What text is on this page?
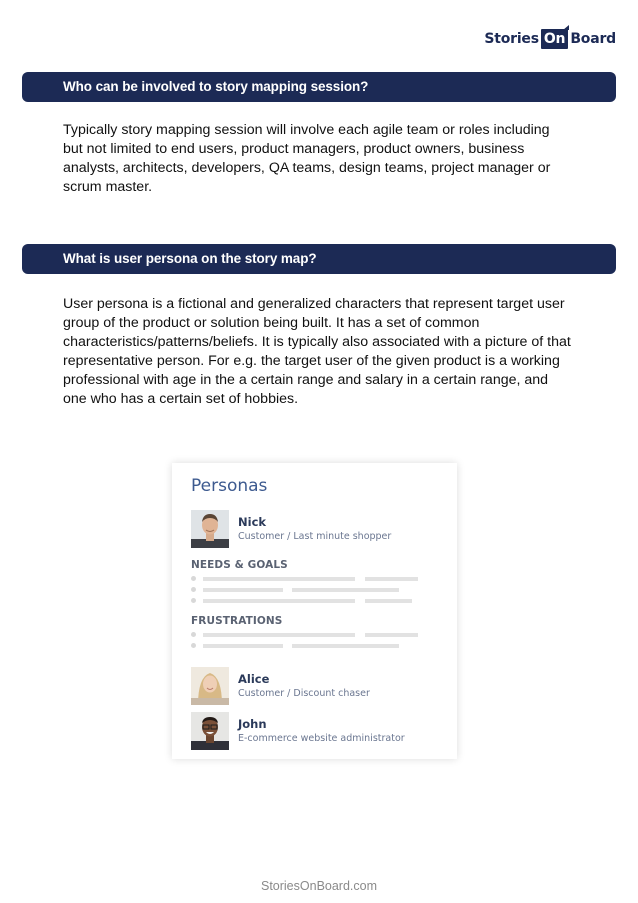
Stories On Board
Who can be involved to story mapping session?

Typically story mapping session will involve each agile team or roles including but not limited to end users, product managers, product owners, business analysts, architects, developers, QA teams, design teams, project manager or scrum master.

What is user persona on the story map?

User persona is a fictional and generalized characters that represent target user group of the product or solution being built. It has a set of common characteristics/patterns/beliefs. It is typically also associated with a picture of that representative person. For e.g. the target user of the given product is a working professional with age in the a certain range and salary in a certain range, and one who has a certain set of hobbies.

Personas
Nick
Customer / Last minute shopper
NEEDS & GOALS
FRUSTRATIONS
Alice
Customer / Discount chaser
John
E-commerce website administrator
StoriesOnBoard.com
